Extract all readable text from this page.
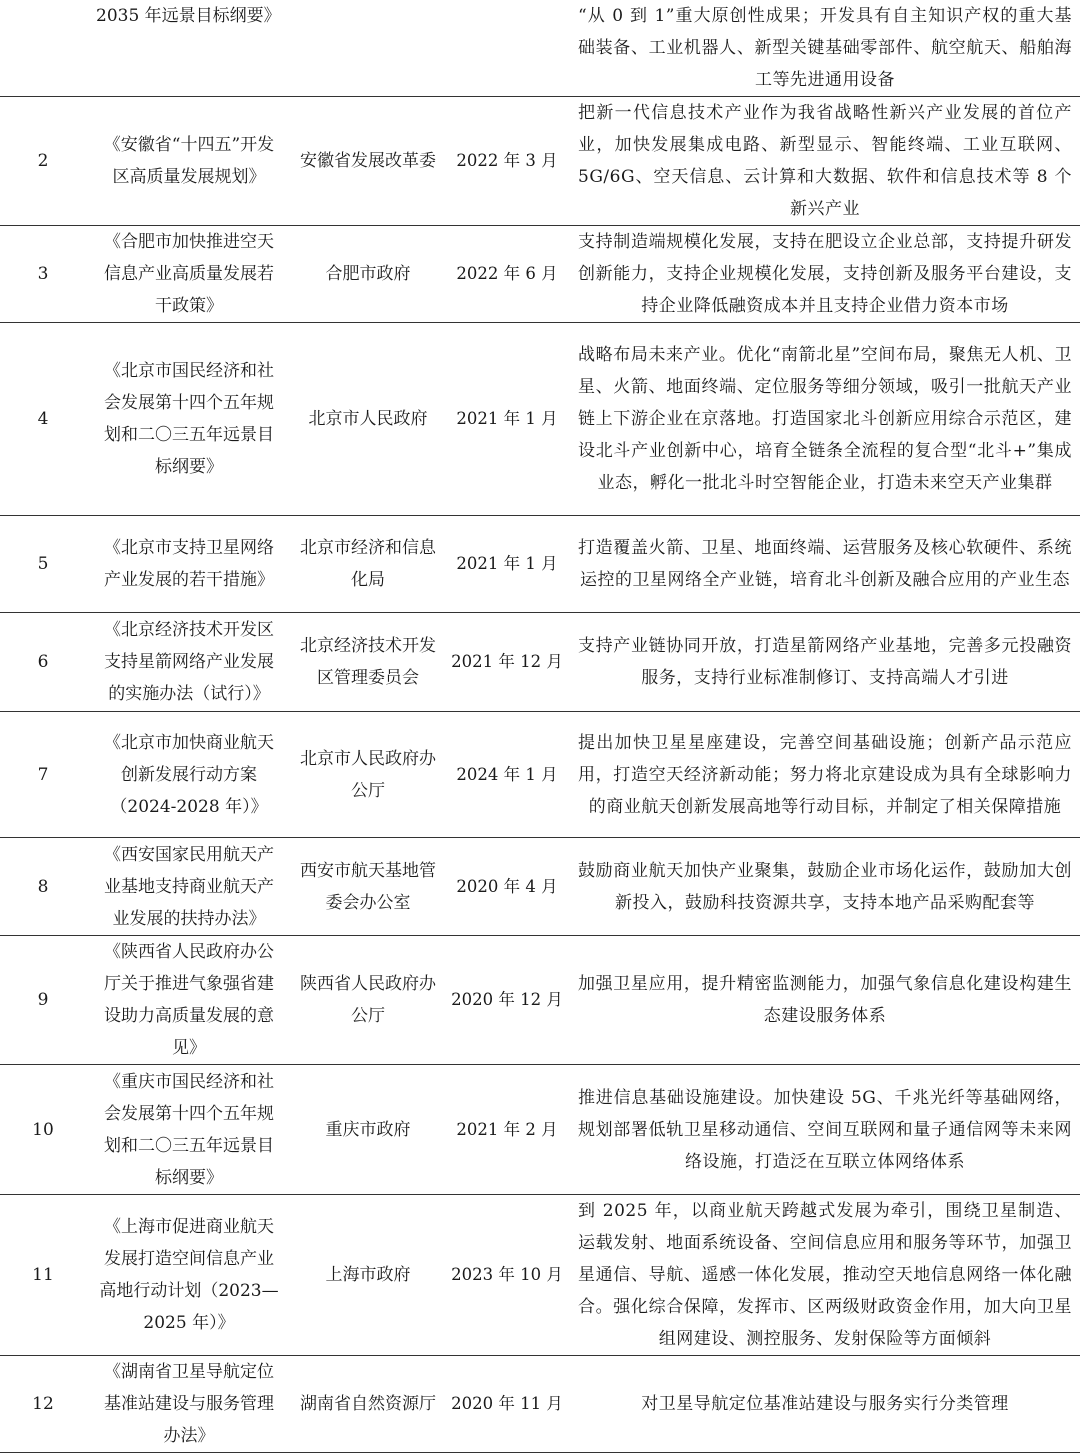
	2035 年远景目标纲要》			“从 0 到 1”重大原创性成果；开发具有自主知识产权的重大基础装备、工业机器人、新型关键基础零部件、航空航天、船舶海工等先进通用设备
2	《安徽省“十四五”开发区高质量发展规划》	安徽省发展改革委	2022 年 3 月	把新一代信息技术产业作为我省战略性新兴产业发展的首位产业，加快发展集成电路、新型显示、智能终端、工业互联网、5G/6G、空天信息、云计算和大数据、软件和信息技术等 8 个新兴产业
3	《合肥市加快推进空天信息产业高质量发展若干政策》	合肥市政府	2022 年 6 月	支持制造端规模化发展，支持在肥设立企业总部，支持提升研发创新能力，支持企业规模化发展，支持创新及服务平台建设，支持企业降低融资成本并且支持企业借力资本市场
4	《北京市国民经济和社会发展第十四个五年规划和二〇三五年远景目标纲要》	北京市人民政府	2021 年 1 月	战略布局未来产业。优化“南箭北星”空间布局，聚焦无人机、卫星、火箭、地面终端、定位服务等细分领域，吸引一批航天产业链上下游企业在京落地。打造国家北斗创新应用综合示范区，建设北斗产业创新中心，培育全链条全流程的复合型“北斗+”集成业态，孵化一批北斗时空智能企业，打造未来空天产业集群
5	《北京市支持卫星网络产业发展的若干措施》	北京市经济和信息化局	2021 年 1 月	打造覆盖火箭、卫星、地面终端、运营服务及核心软硬件、系统运控的卫星网络全产业链，培育北斗创新及融合应用的产业生态
6	《北京经济技术开发区支持星箭网络产业发展的实施办法（试行）》	北京经济技术开发区管理委员会	2021 年 12 月	支持产业链协同开放，打造星箭网络产业基地，完善多元投融资服务，支持行业标准制修订、支持高端人才引进
7	《北京市加快商业航天创新发展行动方案（2024-2028 年）》	北京市人民政府办公厅	2024 年 1 月	提出加快卫星星座建设，完善空间基础设施；创新产品示范应用，打造空天经济新动能；努力将北京建设成为具有全球影响力的商业航天创新发展高地等行动目标，并制定了相关保障措施
8	《西安国家民用航天产业基地支持商业航天产业发展的扶持办法》	西安市航天基地管委会办公室	2020 年 4 月	鼓励商业航天加快产业聚集，鼓励企业市场化运作，鼓励加大创新投入，鼓励科技资源共享，支持本地产品采购配套等
9	《陕西省人民政府办公厅关于推进气象强省建设助力高质量发展的意见》	陕西省人民政府办公厅	2020 年 12 月	加强卫星应用，提升精密监测能力，加强气象信息化建设构建生态建设服务体系
10	《重庆市国民经济和社会发展第十四个五年规划和二〇三五年远景目标纲要》	重庆市政府	2021 年 2 月	推进信息基础设施建设。加快建设 5G、千兆光纤等基础网络，规划部署低轨卫星移动通信、空间互联网和量子通信网等未来网络设施，打造泛在互联立体网络体系
11	《上海市促进商业航天发展打造空间信息产业高地行动计划（2023—2025 年）》	上海市政府	2023 年 10 月	到 2025 年，以商业航天跨越式发展为牵引，围绕卫星制造、运载发射、地面系统设备、空间信息应用和服务等环节，加强卫星通信、导航、遥感一体化发展，推动空天地信息网络一体化融合。强化综合保障，发挥市、区两级财政资金作用，加大向卫星组网建设、测控服务、发射保险等方面倾斜
12	《湖南省卫星导航定位基准站建设与服务管理办法》	湖南省自然资源厅	2020 年 11 月	对卫星导航定位基准站建设与服务实行分类管理
